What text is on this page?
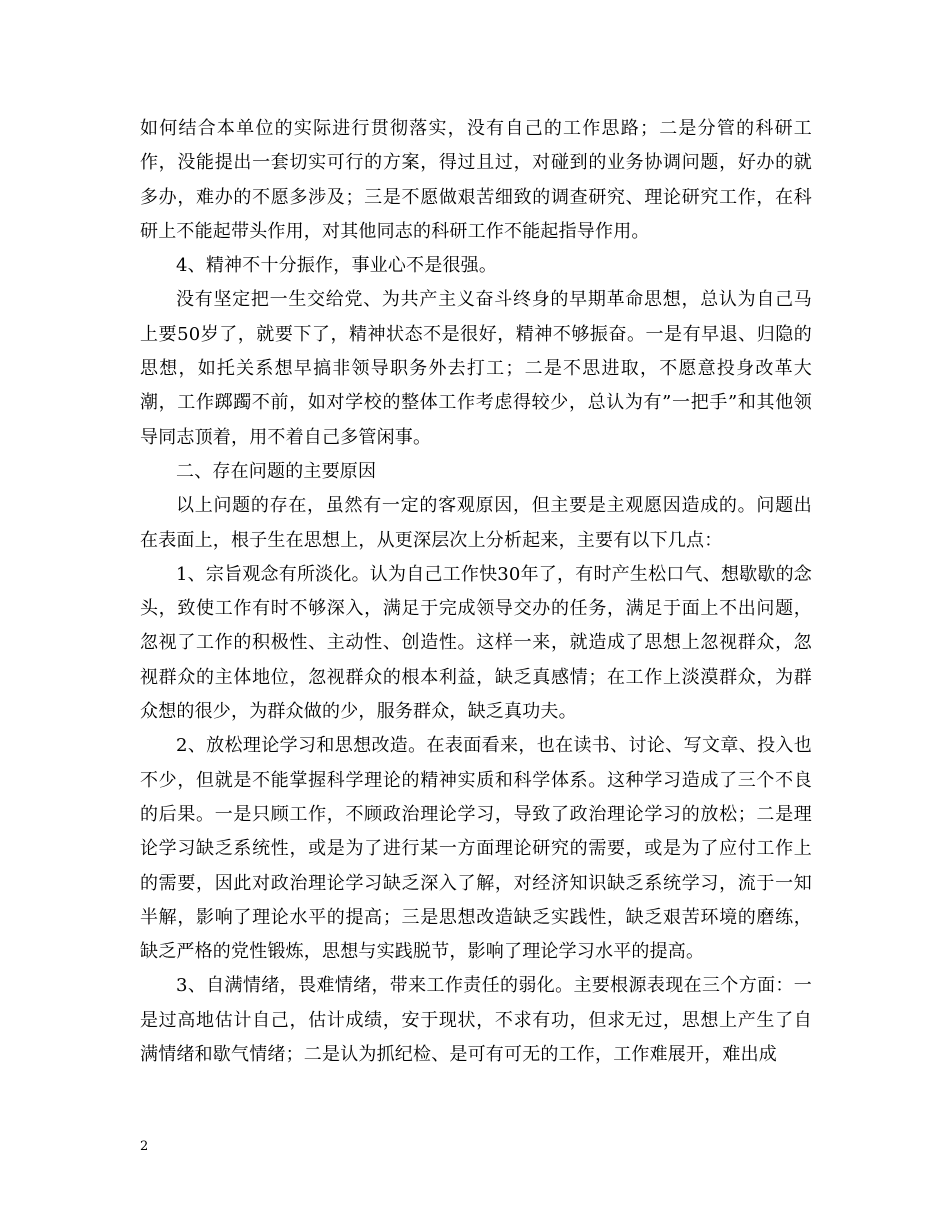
如何结合本单位的实际进行贯彻落实，没有自己的工作思路；二是分管的科研工作，没能提出一套切实可行的方案，得过且过，对碰到的业务协调问题，好办的就多办，难办的不愿多涉及；三是不愿做艰苦细致的调查研究、理论研究工作，在科研上不能起带头作用，对其他同志的科研工作不能起指导作用。

4、精神不十分振作，事业心不是很强。

没有坚定把一生交给党、为共产主义奋斗终身的早期革命思想，总认为自己马上要50岁了，就要下了，精神状态不是很好，精神不够振奋。一是有早退、归隐的思想，如托关系想早搞非领导职务外去打工；二是不思进取，不愿意投身改革大潮，工作踯躅不前，如对学校的整体工作考虑得较少，总认为有”一把手”和其他领导同志顶着，用不着自己多管闲事。

二、存在问题的主要原因

以上问题的存在，虽然有一定的客观原因，但主要是主观愿因造成的。问题出在表面上，根子生在思想上，从更深层次上分析起来，主要有以下几点：

1、宗旨观念有所淡化。认为自己工作快30年了，有时产生松口气、想歇歇的念头，致使工作有时不够深入，满足于完成领导交办的任务，满足于面上不出问题，忽视了工作的积极性、主动性、创造性。这样一来，就造成了思想上忽视群众，忽视群众的主体地位，忽视群众的根本利益，缺乏真感情；在工作上淡漠群众，为群众想的很少，为群众做的少，服务群众，缺乏真功夫。

2、放松理论学习和思想改造。在表面看来，也在读书、讨论、写文章、投入也不少，但就是不能掌握科学理论的精神实质和科学体系。这种学习造成了三个不良的后果。一是只顾工作，不顾政治理论学习，导致了政治理论学习的放松；二是理论学习缺乏系统性，或是为了进行某一方面理论研究的需要，或是为了应付工作上的需要，因此对政治理论学习缺乏深入了解，对经济知识缺乏系统学习，流于一知半解，影响了理论水平的提高；三是思想改造缺乏实践性，缺乏艰苦环境的磨练，缺乏严格的党性锻炼，思想与实践脱节，影响了理论学习水平的提高。

3、自满情绪，畏难情绪，带来工作责任的弱化。主要根源表现在三个方面：一是过高地估计自己，估计成绩，安于现状，不求有功，但求无过，思想上产生了自满情绪和歇气情绪；二是认为抓纪检、是可有可无的工作，工作难展开，难出成

2
